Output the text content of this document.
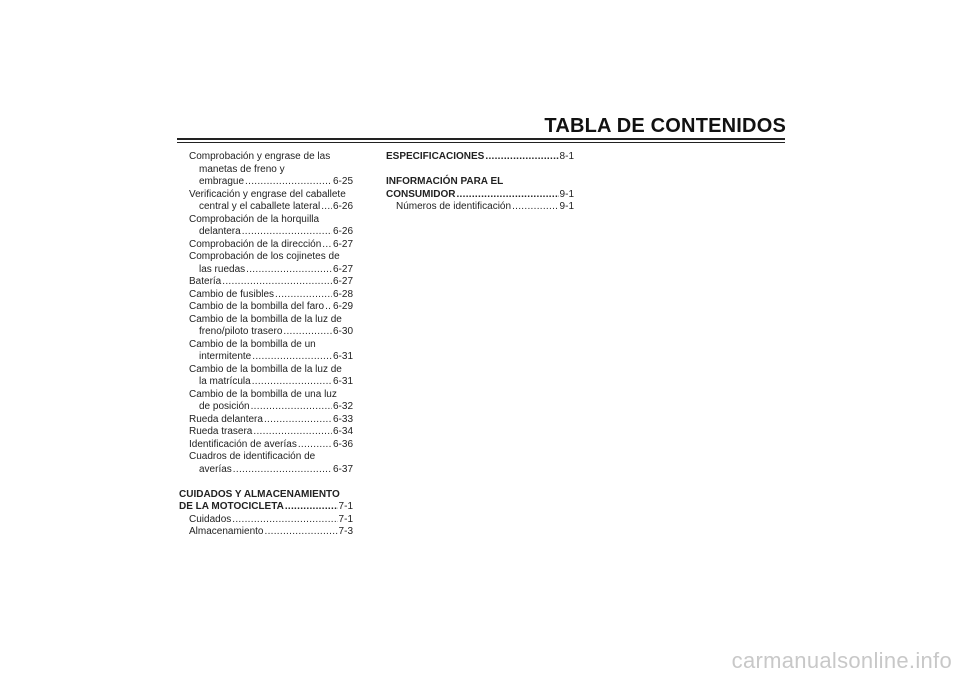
TABLA DE CONTENIDOS
Comprobación y engrase de las
manetas de freno y
embrague .....	6-25
Verificación y engrase del caballete
central y el caballete lateral ..... 6-26
Comprobación de la horquilla
delantera .....	6-26
Comprobación de la dirección ..... 6-27
Comprobación de los cojinetes de
las ruedas .....	6-27
Batería .....	6-27
Cambio de fusibles .....	6-28
Cambio de la bombilla del faro ..... 6-29
Cambio de la bombilla de la luz de
freno/piloto trasero .....	6-30
Cambio de la bombilla de un
intermitente .....	6-31
Cambio de la bombilla de la luz de
la matrícula .....	6-31
Cambio de la bombilla de una luz
de posición .....	6-32
Rueda delantera .....	6-33
Rueda trasera .....	6-34
Identificación de averías .....	6-36
Cuadros de identificación de
averías .....	6-37
CUIDADOS Y ALMACENAMIENTO
DE LA MOTOCICLETA .....	7-1
Cuidados .....	7-1
Almacenamiento .....	7-3
ESPECIFICACIONES .....	8-1
INFORMACIÓN PARA EL
CONSUMIDOR .....	9-1
Números de identificación .....	9-1
carmanualsonline.info
